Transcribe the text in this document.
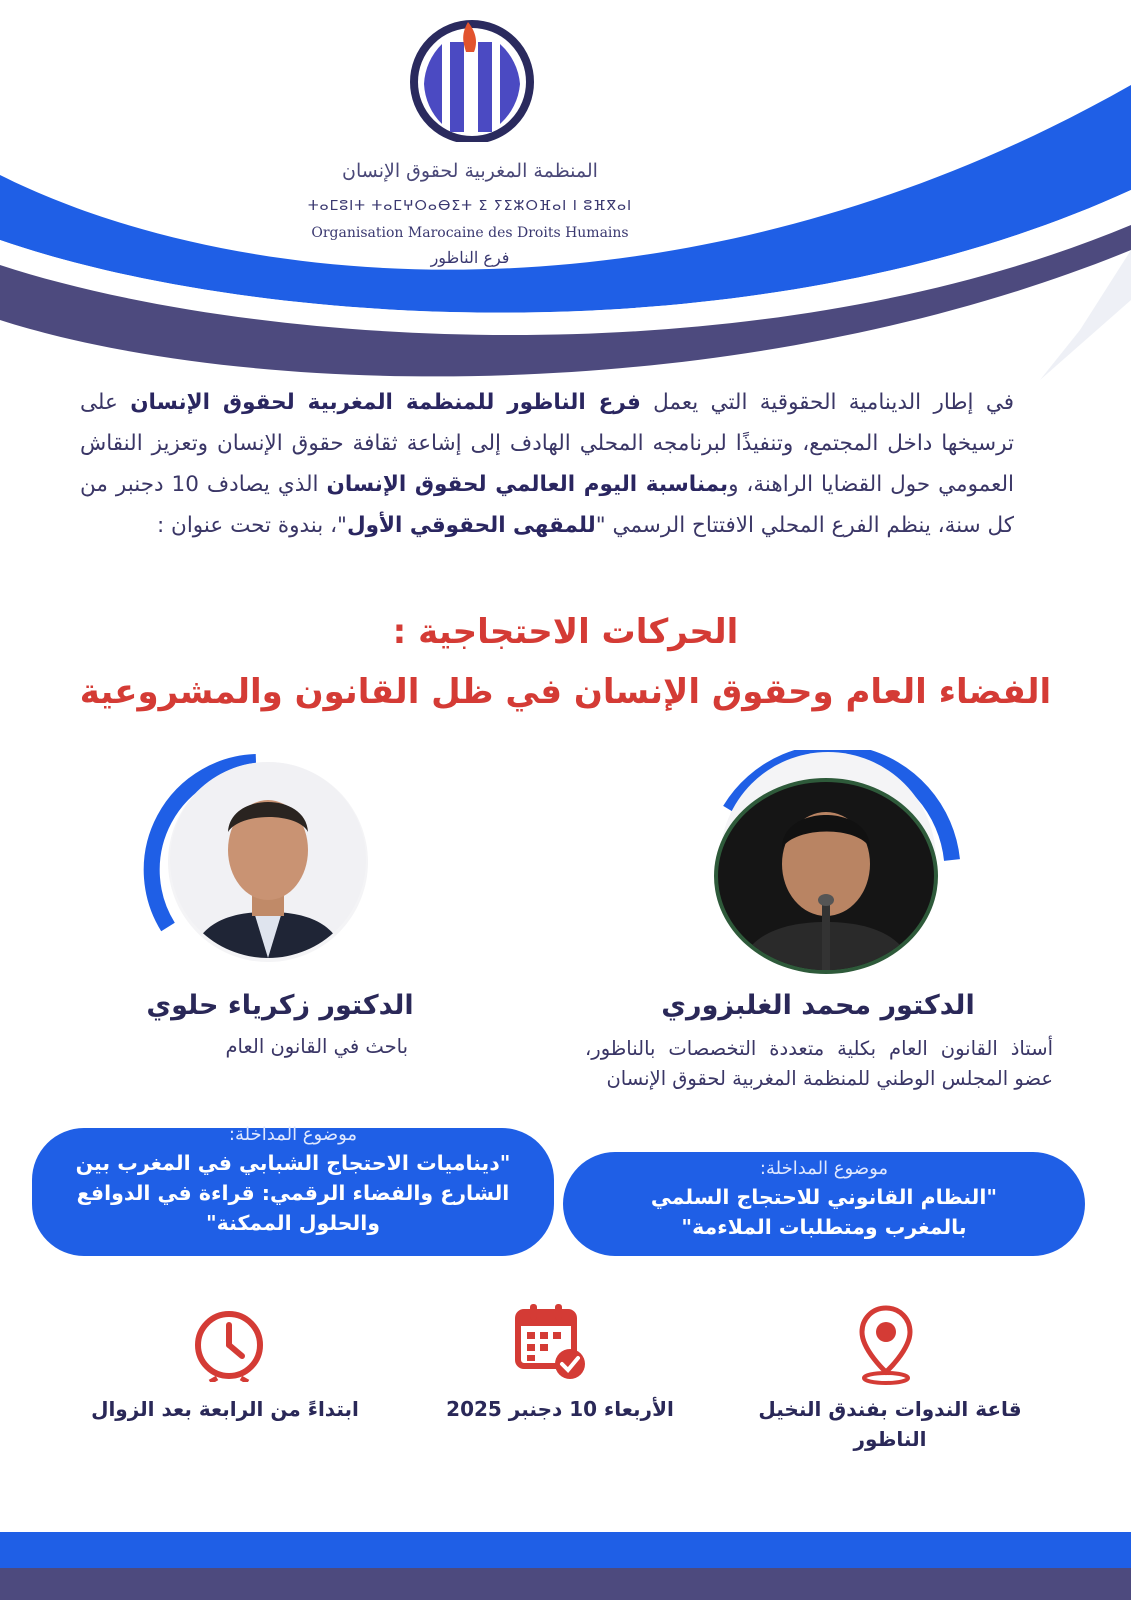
المنظمة المغربية لحقوق الإنسان
ⵜⴰⵎⵓⵏⵜ ⵜⴰⵎⵖⵔⴰⴱⵉⵜ ⵉ ⵢⵉⵣⵔⴼⴰⵏ ⵏ ⵓⴼⴳⴰⵏ
Organisation Marocaine des Droits Humains
فرع الناظور
في إطار الدينامية الحقوقية التي يعمل فرع الناظور للمنظمة المغربية لحقوق الإنسان على ترسيخها داخل المجتمع، وتنفيذًا لبرنامجه المحلي الهادف إلى إشاعة ثقافة حقوق الإنسان وتعزيز النقاش العمومي حول القضايا الراهنة، وبمناسبة اليوم العالمي لحقوق الإنسان الذي يصادف 10 دجنبر من كل سنة، ينظم الفرع المحلي الافتتاح الرسمي "للمقهى الحقوقي الأول"، بندوة تحت عنوان :
الحركات الاحتجاجية :
الفضاء العام وحقوق الإنسان في ظل القانون والمشروعية
الدكتور زكرياء حلوي
باحث في القانون العام
الدكتور محمد الغلبزوري
أستاذ القانون العام بكلية متعددة التخصصات بالناظور، عضو المجلس الوطني للمنظمة المغربية لحقوق الإنسان
موضوع المداخلة:
"ديناميات الاحتجاج الشبابي في المغرب بين الشارع والفضاء الرقمي: قراءة في الدوافع والحلول الممكنة"
موضوع المداخلة:
"النظام القانوني للاحتجاج السلمي بالمغرب ومتطلبات الملاءمة"
ابتداءً من الرابعة بعد الزوال	الأربعاء 10 دجنبر 2025	قاعة الندوات بفندق النخيل الناظور
